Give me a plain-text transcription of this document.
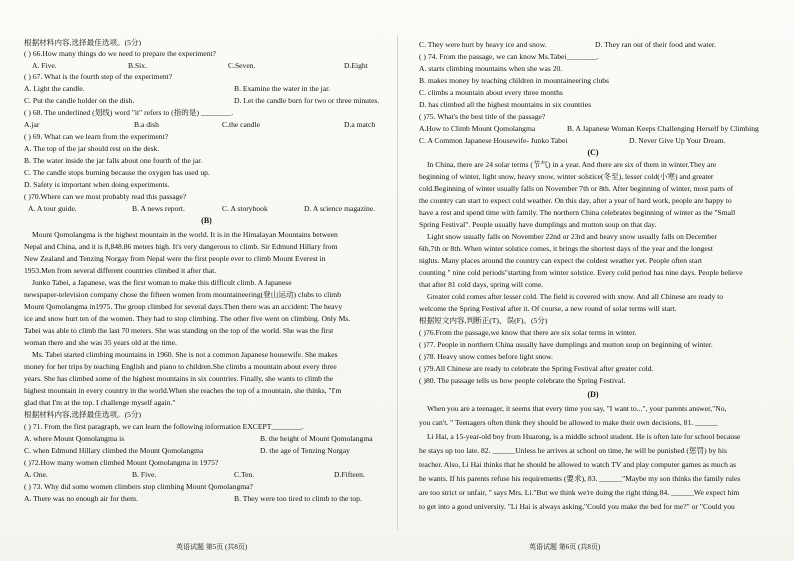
根据材料内容,选择最佳选项。(5分)
( ) 66.How many things do we need to prepare the experiment?
A. Five.	B.Six.	C.Seven.	D.Eight
( ) 67. What is the fourth step of the experiment?
A. Light the candle.	B. Examine the water in the jar.
C. Put the candle holder on the dish.	D. Let the candle burn for two or three minutes.
( ) 68. The underlined (划线) word "it" refers to (指的是) ________.
A.jar	B.a dish	C.the candle	D.a match
( ) 69. What can we learn from the experiment?
A. The top of the jar should rest on the desk.
B. The water inside the jar falls about one fourth of the jar.
C. The candle stops burning because the oxygen has used up.
D. Safety is important when doing experiments.
( )70.Where can we most probably read this passage?
A. A tour guide.	B. A news report.	C. A storybook	D. A science magazine.
(B)
Mount Qomolangma is the highest mountain in the world. It is in the Himalayan Mountains between
Nepal and China, and it is 8,848.86 meters high. It's very dangerous to climb. Sir Edmund Hillary from
New Zealand and Tenzing Norgay from Nepal were the first people ever to climb Mount Everest in
1953.Men from several different countries climbed it after that.
Junko Tabei, a Japanese, was the first woman to make this difficult climb. A Japanese
newspaper-television company chose the fifteen women from mountaineering(登山运动) clubs to climb
Mount Qomolangma in1975. The group climbed for several days.Then there was an accident: The heavy
ice and snow hurt ten of the women. They had to stop climbing. The other five went on climbing. Only Ms.
Tabei was able to climb the last 70 meters. She was standing on the top of the world. She was the first
woman there and she was 35 years old at the time.
Ms. Tabei started climbing mountains in 1960. She is not a common Japanese housewife. She makes
money for her trips by teaching English and piano to children.She climbs a mountain about every three
years. She has climbed some of the highest mountains in six countries. Finally, she wants to climb the
highest mountain in every country in the world.When she reaches the top of a mountain, she thinks, "I'm
glad that I'm at the top. I challenge myself again."
根据材料内容,选择最佳选项。(5分)
( ) 71. From the first paragraph, we can learn the following information EXCEPT________.
A. where Mount Qomolangma is	B. the height of Mount Qomolangma
C. when Edmund Hillary climbed the Mount Qomolangma	D. the age of Tenzing Norgay
( )72.How many women climbed Mount Qomolangma in 1975?
A. One.	B. Five.	C.Ten.	D.Fifteen.
( ) 73. Why did some women climbers stop climbing Mount Qomolangma?
A. There was no enough air for them.	B. They were too tired to climb to the top.
英语试题 第5页 (共8页)
C. They were hurt by heavy ice and snow.	D. They ran out of their food and water.
( ) 74. From the passage, we can know Ms.Tabei________.
A. starts climbing mountains when she was 20.
B. makes money by teaching children in mountaineering clubs
C. climbs a mountain about every three months
D. has climbed all the highest mountains in six countries
( )75. What's the best title of the passage?
A.How to Climb Mount Qomolangma	B. A Japanese Woman Keeps Challenging Herself by Climbing
C. A Common Japanese Housewife- Junko Tabei	D. Never Give Up Your Dream.
(C)
In China, there are 24 solar terms (节气) in a year. And there are six of them in winter.They are
beginning of winter, light snow, heavy snow, winter solstice(冬至), lesser cold(小寒) and greater
cold.Beginning of winter usually falls on November 7th or 8th. After beginning of winter, most parts of
the country can start to expect cold weather. On this day, after a year of hard work, people are happy to
have a rest and spend time with family. The northern China celebrates beginning of winter as the "Small
Spring Festival". People usually have dumplings and mutton soup on that day.
Light snow usually falls on November 22nd or 23rd and heavy snow usually falls on December
6th,7th or 8th. When winter solstice comes, it brings the shortest days of the year and the longest
nights. Many places around the country can expect the coldest weather yet. People often start
counting " nine cold periods"starting from winter solstice. Every cold period has nine days. People believe
that after 81 cold days, spring will come.
Greater cold comes after lesser cold. The field is covered with snow. And all Chinese are ready to
welcome the Spring Festival after it. Of course, a new round of solar terms will start.
根据短文内容,判断正(T)、误(F)。(5分)
( )76.From the passage,we know that there are six solar terms in winter.
( )77. People in northern China usually have dumplings and mutton soup on beginning of winter.
( )78. Heavy snow comes before light snow.
( )79.All Chinese are ready to celebrate the Spring Festival after greater cold.
( )80. The passage tells us how people celebrate the Spring Festival.
(D)
When you are a teenager, it seems that every time you say, "I want to...", your parents answer,"No,
you can't. " Teenagers often think they should be allowed to make their own decisions, 81. ______
Li Hai, a 15-year-old boy from Huarong, is a middle school student. He is often late for school because
he stays up too late. 82. ______Unless he arrives at school on time, he will be punished (惩罚) by his
teacher. Also, Li Hai thinks that he should be allowed to watch TV and play computer games as much as
he wants. If his parents refuse his requirements (要求), 83. ______"Maybe my son thinks the family rules
are too strict or unfair, " says Mrs. Li."But we think we're doing the right thing.84. ______We expect him
to get into a good university. "Li Hai is always asking,"Could you make the bed for me?" or "Could you
英语试题 第6页 (共8页)
